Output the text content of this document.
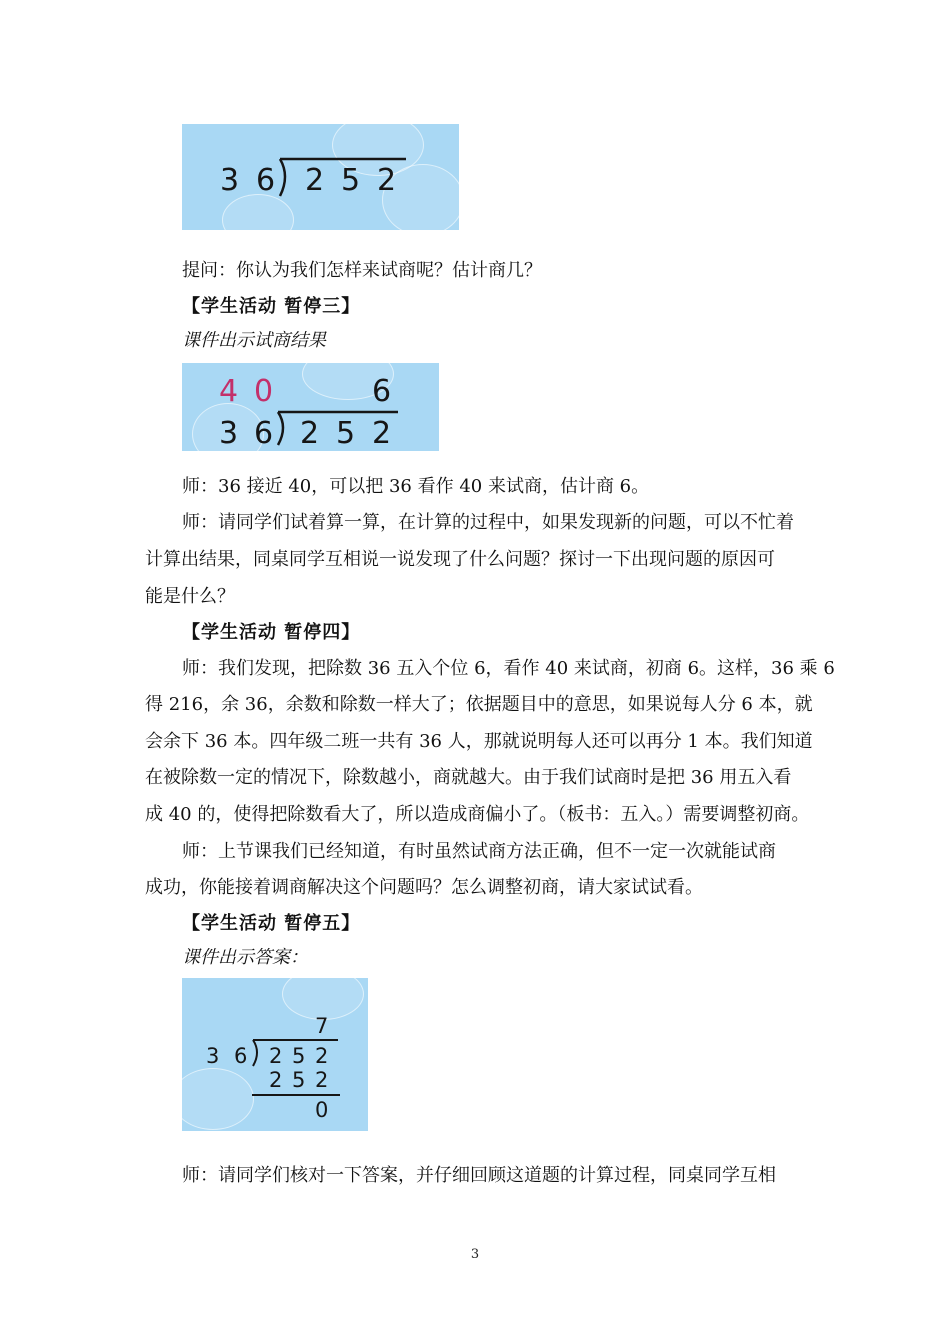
3 6 2 5 2
提问：你认为我们怎样来试商呢？估计商几？
【学生活动 暂停三】
课件出示试商结果
4 0	6
3 6 2 5 2
师：36 接近 40，可以把 36 看作 40 来试商，估计商 6。
师：请同学们试着算一算，在计算的过程中，如果发现新的问题，可以不忙着
计算出结果，同桌同学互相说一说发现了什么问题？探讨一下出现问题的原因可
能是什么？
【学生活动 暂停四】
师：我们发现，把除数 36 五入个位 6，看作 40 来试商，初商 6。这样，36 乘 6
得 216，余 36，余数和除数一样大了；依据题目中的意思，如果说每人分 6 本，就
会余下 36 本。四年级二班一共有 36 人，那就说明每人还可以再分 1 本。我们知道
在被除数一定的情况下，除数越小，商就越大。由于我们试商时是把 36 用五入看
成 40 的，使得把除数看大了，所以造成商偏小了。（板书：五入。）需要调整初商。
师：上节课我们已经知道，有时虽然试商方法正确，但不一定一次就能试商
成功，你能接着调商解决这个问题吗？怎么调整初商，请大家试试看。
【学生活动 暂停五】
课件出示答案：
7
3 6 2 5 2
2 5 2
0
师：请同学们核对一下答案，并仔细回顾这道题的计算过程，同桌同学互相
3
